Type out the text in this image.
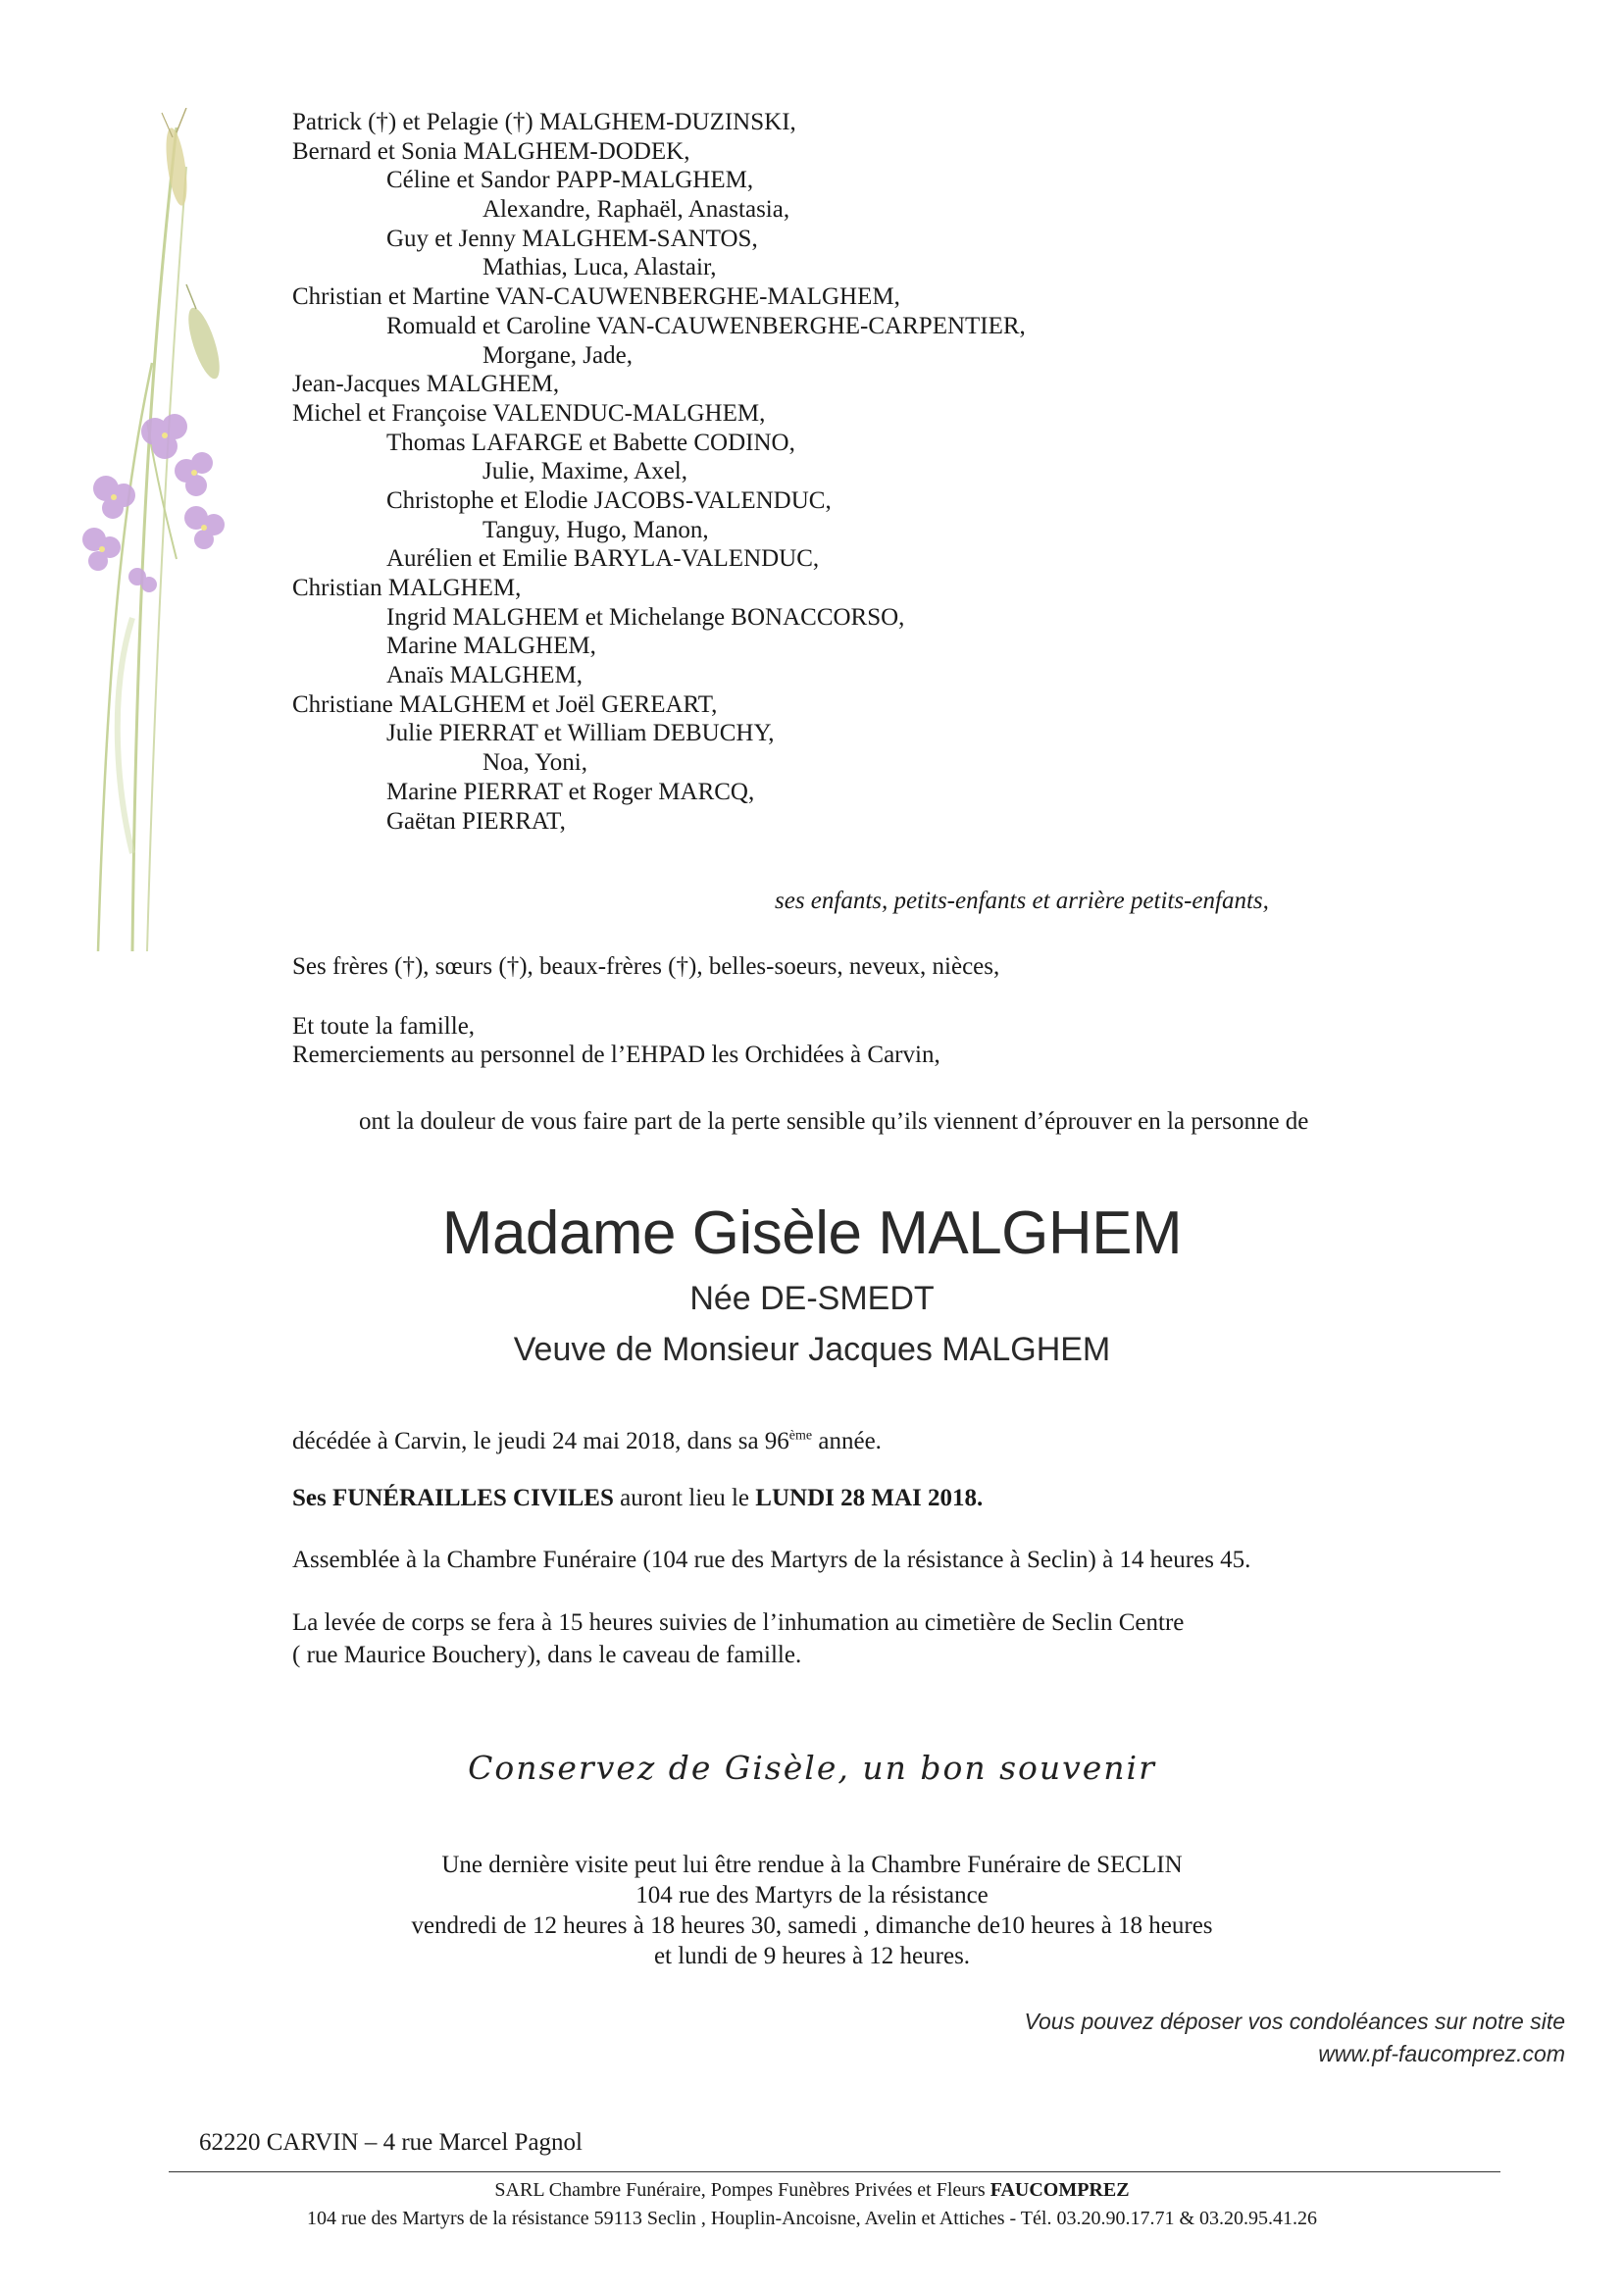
Patrick (†) et Pelagie (†) MALGHEM-DUZINSKI,
Bernard et Sonia MALGHEM-DODEK,
Céline et Sandor PAPP-MALGHEM,
Alexandre, Raphaël, Anastasia,
Guy et Jenny MALGHEM-SANTOS,
Mathias, Luca, Alastair,
Christian et Martine VAN-CAUWENBERGHE-MALGHEM,
Romuald et Caroline VAN-CAUWENBERGHE-CARPENTIER,
Morgane, Jade,
Jean-Jacques MALGHEM,
Michel et Françoise VALENDUC-MALGHEM,
Thomas LAFARGE et Babette CODINO,
Julie, Maxime, Axel,
Christophe et Elodie JACOBS-VALENDUC,
Tanguy, Hugo, Manon,
Aurélien et Emilie BARYLA-VALENDUC,
Christian MALGHEM,
Ingrid MALGHEM et Michelange BONACCORSO,
Marine MALGHEM,
Anaïs MALGHEM,
Christiane MALGHEM et Joël GEREART,
Julie PIERRAT et William DEBUCHY,
Noa, Yoni,
Marine PIERRAT et Roger MARCQ,
Gaëtan PIERRAT,
ses enfants, petits-enfants et arrière petits-enfants,
Ses frères (†), sœurs (†), beaux-frères (†), belles-soeurs, neveux, nièces,
Et toute la famille,
Remerciements au personnel de l’EHPAD les Orchidées à Carvin,
ont la douleur de vous faire part de la perte sensible qu’ils viennent d’éprouver en la personne de
Madame Gisèle MALGHEM
Née DE-SMEDT
Veuve de Monsieur Jacques MALGHEM
décédée à Carvin, le jeudi 24 mai 2018, dans sa 96ème année.
Ses FUNÉRAILLES CIVILES auront lieu le LUNDI 28 MAI 2018.
Assemblée à la Chambre Funéraire (104 rue des Martyrs de la résistance à Seclin) à 14 heures 45.
La levée de corps se fera à 15 heures suivies de l’inhumation au cimetière de Seclin Centre
( rue Maurice Bouchery), dans le caveau de famille.
Conservez de Gisèle, un bon souvenir
Une dernière visite peut lui être rendue à la Chambre Funéraire de SECLIN
104 rue des Martyrs de la résistance
vendredi de 12 heures à 18 heures 30, samedi , dimanche de10 heures à 18 heures
et lundi de 9 heures à 12 heures.
Vous pouvez déposer vos condoléances sur notre site
www.pf-faucomprez.com
62220 CARVIN – 4 rue Marcel Pagnol
SARL Chambre Funéraire, Pompes Funèbres Privées et Fleurs FAUCOMPREZ
104 rue des Martyrs de la résistance 59113 Seclin , Houplin-Ancoisne, Avelin et Attiches - Tél. 03.20.90.17.71 & 03.20.95.41.26
